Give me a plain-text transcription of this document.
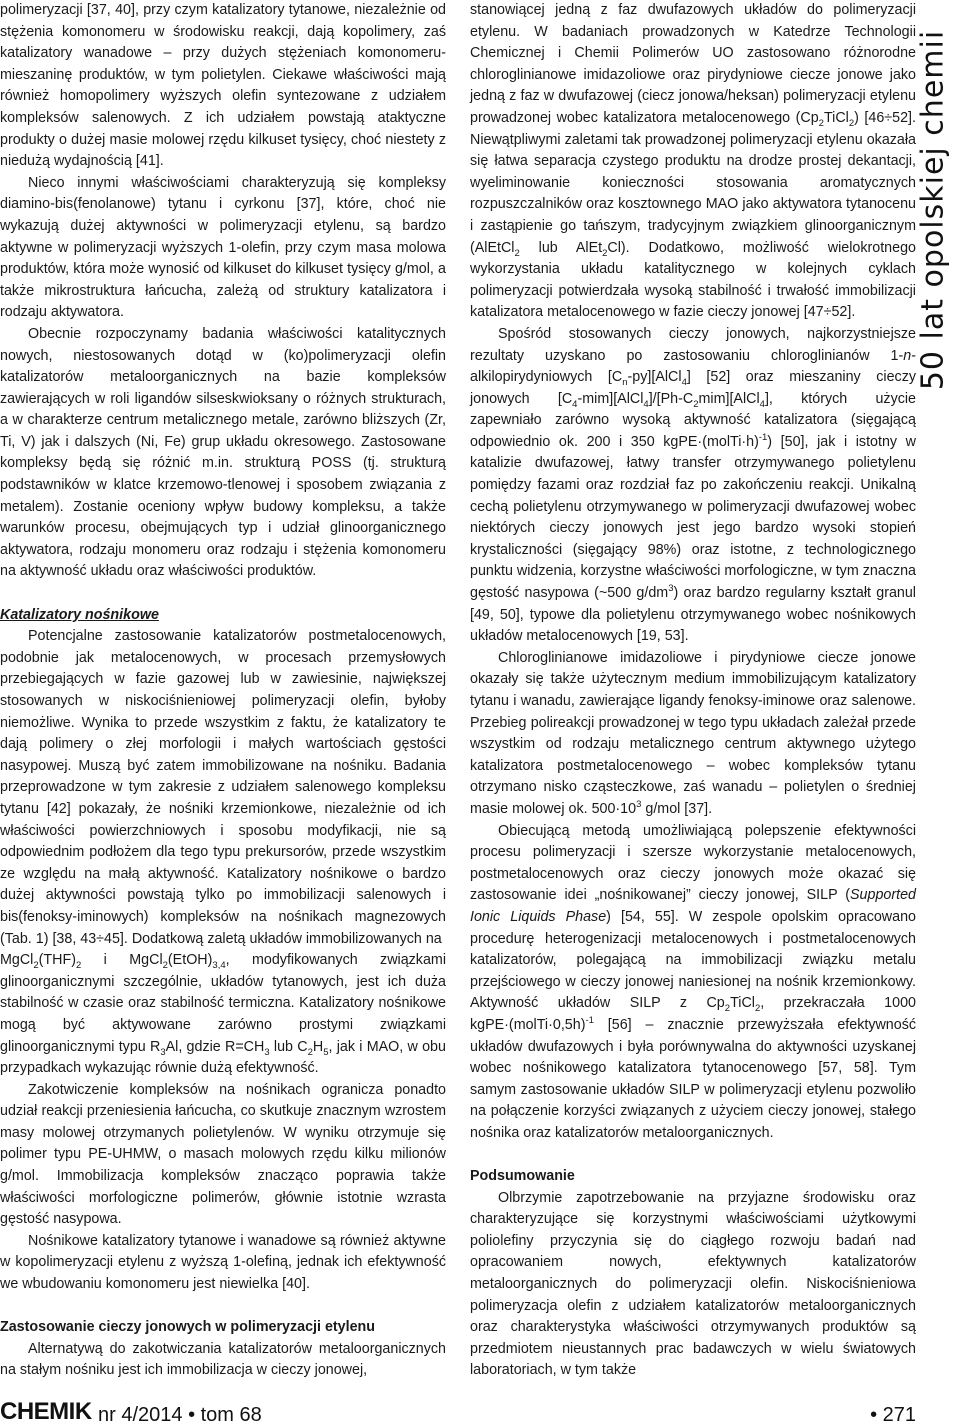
polimeryzacji [37, 40], przy czym katalizatory tytanowe, niezależnie od stężenia komonomeru w środowisku reakcji, dają kopolimery, zaś katalizatory wanadowe – przy dużych stężeniach komonomeru- mieszaninę produktów, w tym polietylen. Ciekawe właściwości mają również homopolimery wyższych olefin syntezowane z udziałem kompleksów salenowych. Z ich udziałem powstają ataktyczne produkty o dużej masie molowej rzędu kilkuset tysięcy, choć niestety z niedużą wydajnością [41].

Nieco innymi właściwościami charakteryzują się kompleksy diamino-bis(fenolanowe) tytanu i cyrkonu [37], które, choć nie wykazują dużej aktywności w polimeryzacji etylenu, są bardzo aktywne w polimeryzacji wyższych 1-olefin, przy czym masa molowa produktów, która może wynosić od kilkuset do kilkuset tysięcy g/mol, a także mikrostruktura łańcucha, zależą od struktury katalizatora i rodzaju aktywatora.

Obecnie rozpoczynamy badania właściwości katalitycznych nowych, niestosowanych dotąd w (ko)polimeryzacji olefin katalizatorów metaloorganicznych na bazie kompleksów zawierających w roli ligandów silseskwioksany o różnych strukturach, a w charakterze centrum metalicznego metale, zarówno bliższych (Zr, Ti, V) jak i dalszych (Ni, Fe) grup układu okresowego. Zastosowane kompleksy będą się różnić m.in. strukturą POSS (tj. strukturą podstawników w klatce krzemowo-tlenowej i sposobem związania z metalem). Zostanie oceniony wpływ budowy kompleksu, a także warunków procesu, obejmujących typ i udział glinoorganicznego aktywatora, rodzaju monomeru oraz rodzaju i stężenia komonomeru na aktywność układu oraz właściwości produktów.

Katalizatory nośnikowe

Potencjalne zastosowanie katalizatorów postmetalocenowych, podobnie jak metalocenowych, w procesach przemysłowych przebiegających w fazie gazowej lub w zawiesinie, największej stosowanych w niskociśnieniowej polimeryzacji olefin, byłoby niemożliwe. Wynika to przede wszystkim z faktu, że katalizatory te dają polimery o złej morfologii i małych wartościach gęstości nasypowej. Muszą być zatem immobilizowane na nośniku. Badania przeprowadzone w tym zakresie z udziałem salenowego kompleksu tytanu [42] pokazały, że nośniki krzemionkowe, niezależnie od ich właściwości powierzchniowych i sposobu modyfikacji, nie są odpowiednim podłożem dla tego typu prekursorów, przede wszystkim ze względu na małą aktywność. Katalizatory nośnikowe o bardzo dużej aktywności powstają tylko po immobilizacji salenowych i bis(fenoksy-iminowych) kompleksów na nośnikach magnezowych (Tab. 1) [38, 43÷45]. Dodatkową zaletą układów immobilizowanych na

$MgCl_2(THF)_2$ i $MgCl_2(EtOH)_{3,4}$, modyfikowanych związkami glinoorganicznymi szczególnie, układów tytanowych, jest ich duża stabilność w czasie oraz stabilność termiczna. Katalizatory nośnikowe mogą być aktywowane zarówno prostymi związkami glinoorganicznymi typu $R_3Al$, gdzie $R=CH_3$ lub $C_2H_5$, jak i MAO, w obu przypadkach wykazując równie dużą efektywność.

Zakotwiczenie kompleksów na nośnikach ogranicza ponadto udział reakcji przeniesienia łańcucha, co skutkuje znacznym wzrostem masy molowej otrzymanych polietylenów. W wyniku otrzymuje się polimer typu PE-UHMW, o masach molowych rzędu kilku milionów g/mol. Immobilizacja kompleksów znacząco poprawia także właściwości morfologiczne polimerów, głównie istotnie wzrasta gęstość nasypowa.

Nośnikowe katalizatory tytanowe i wanadowe są również aktywne w kopolimeryzacji etylenu z wyższą 1-olefiną, jednak ich efektywność we wbudowaniu komonomeru jest niewielka [40].

Zastosowanie cieczy jonowych w polimeryzacji etylenu

Alternatywą do zakotwiczania katalizatorów metaloorganicznych na stałym nośniku jest ich immobilizacja w cieczy jonowej,

stanowiącej jedną z faz dwufazowych układów do polimeryzacji etylenu. W badaniach prowadzonych w Katedrze Technologii Chemicznej i Chemii Polimerów UO zastosowano różnorodne chloroglinianowe imidazoliowe oraz pirydyniowe ciecze jonowe jako jedną z faz w dwufazowej (ciecz jonowa/heksan) polimeryzacji etylenu prowadzonej wobec katalizatora metalocenowego $(Cp_2TiCl_2)$ [46÷52]. Niewątpliwymi zaletami tak prowadzonej polimeryzacji etylenu okazała się łatwa separacja czystego produktu na drodze prostej dekantacji, wyeliminowanie konieczności stosowania aromatycznych rozpuszczalników oraz kosztownego MAO jako aktywatora tytanocenu i zastąpienie go tańszym, tradycyjnym związkiem glinoorganicznym (AlEtCl$_2$ lub AlEt$_2$Cl). Dodatkowo, możliwość wielokrotnego wykorzystania układu katalitycznego w kolejnych cyklach polimeryzacji potwierdzała wysoką stabilność i trwałość immobilizacji katalizatora metalocenowego w fazie cieczy jonowej [47÷52].

Spośród stosowanych cieczy jonowych, najkorzystniejsze rezultaty uzyskano po zastosowaniu chloroglinianów 1-n-alkilopirydyniowych $[C_n-py][AlCl_4]$ [52] oraz mieszaniny cieczy jonowych $[C_4-mim][AlCl_4]/[Ph-C_2mim][AlCl_4]$, których użycie zapewniało zarówno wysoką aktywność katalizatora (sięgającą odpowiednio ok. 200 i 350 kgPE·(molTi·h)$^{-1}$) [50], jak i istotny w katalizie dwufazowej, łatwy transfer otrzymywanego polietylenu pomiędzy fazami oraz rozdział faz po zakończeniu reakcji. Unikalną cechą polietylenu otrzymywanego w polimeryzacji dwufazowej wobec niektórych cieczy jonowych jest jego bardzo wysoki stopień krystaliczności (sięgający 98%) oraz istotne, z technologicznego punktu widzenia, korzystne właściwości morfologiczne, w tym znaczna gęstość nasypowa (~500 $g/dm^3$) oraz bardzo regularny kształt granul [49, 50], typowe dla polietylenu otrzymywanego wobec nośnikowych układów metalocenowych [19, 53].

Chloroglinianowe imidazoliowe i pirydyniowe ciecze jonowe okazały się także użytecznym medium immobilizującym katalizatory tytanu i wanadu, zawierające ligandy fenoksy-iminowe oraz salenowe. Przebieg polireakcji prowadzonej w tego typu układach zależał przede wszystkim od rodzaju metalicznego centrum aktywnego użytego katalizatora postmetalocenowego – wobec kompleksów tytanu otrzymano nisko cząsteczkowe, zaś wanadu – polietylen o średniej masie molowej ok. $500\cdot 10^3$ g/mol [37].

Obiecującą metodą umożliwiającą polepszenie efektywności procesu polimeryzacji i szersze wykorzystanie metalocenowych, postmetalocenowych oraz cieczy jonowych może okazać się zastosowanie idei „nośnikowanej” cieczy jonowej, SILP (Supported Ionic Liquids Phase) [54, 55]. W zespole opolskim opracowano procedurę heterogenizacji metalocenowych i postmetalocenowych katalizatorów, polegającą na immobilizacji związku metalu przejściowego w cieczy jonowej naniesionej na nośnik krzemionkowy. Aktywność układów SILP z $Cp_2TiCl_2$, przekraczała 1000 kgPE·(molTi·0,5h)$^{-1}$ [56] – znacznie przewyższała efektywność układów dwufazowych i była porównywalna do aktywności uzyskanej wobec nośnikowego katalizatora tytanocenowego [57, 58]. Tym samym zastosowanie układów SILP w polimeryzacji etylenu pozwoliło na połączenie korzyści związanych z użyciem cieczy jonowej, stałego nośnika oraz katalizatorów metaloorganicznych.

Podsumowanie

Olbrzymie zapotrzebowanie na przyjazne środowisku oraz charakteryzujące się korzystnymi właściwościami użytkowymi poliolefiny przyczynia się do ciągłego rozwoju badań nad opracowaniem nowych, efektywnych katalizatorów metaloorganicznych do polimeryzacji olefin. Niskociśnieniowa polimeryzacja olefin z udziałem katalizatorów metaloorganicznych oraz charakterystyka właściwości otrzymywanych produktów są przedmiotem nieustannych prac badawczych w wielu światowych laboratoriach, w tym także

50 lat opolskiej chemii
CHEMIK nr 4/2014 • tom 68	• 271
